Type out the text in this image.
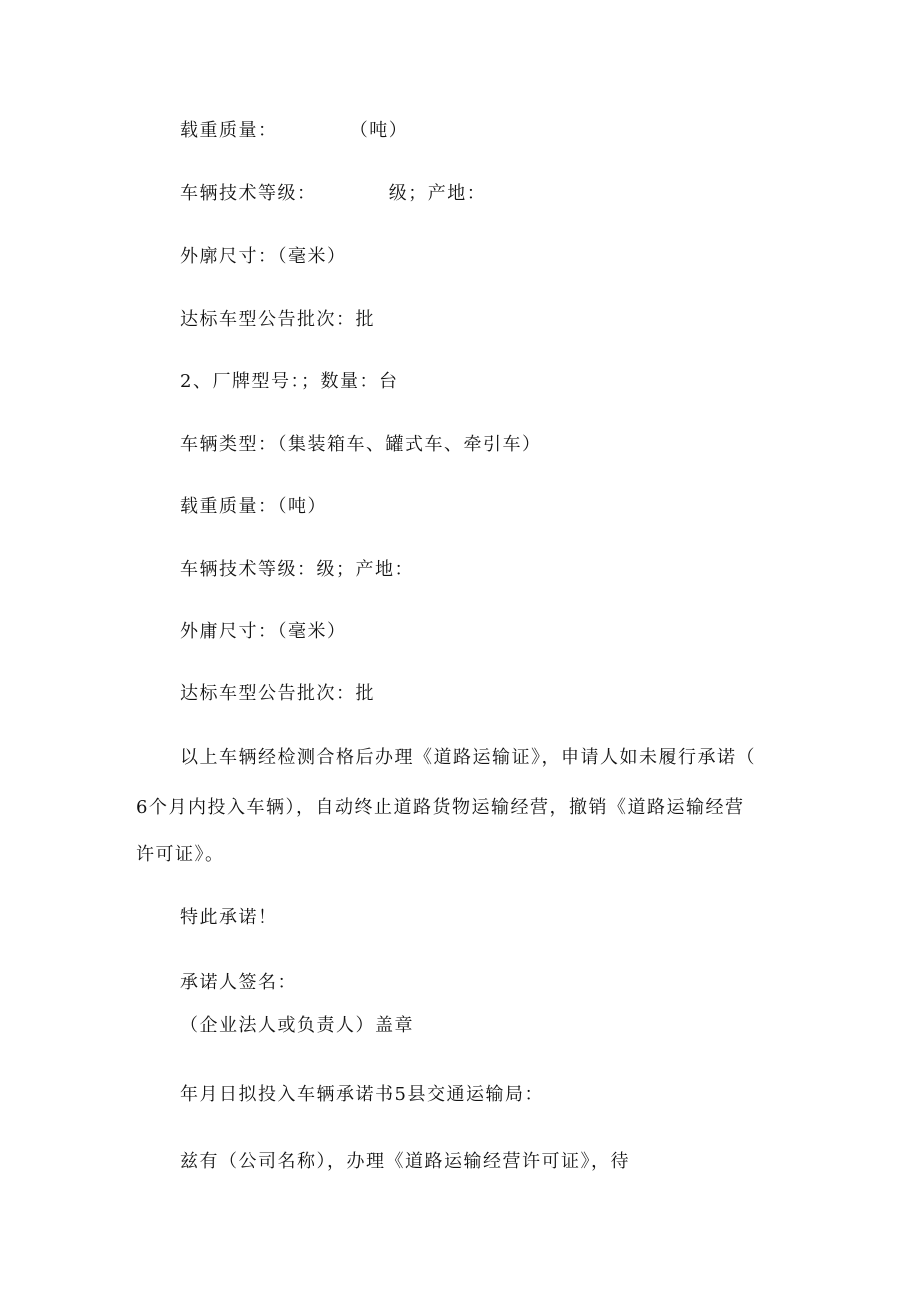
载重质量：          （吨）
车辆技术等级：          级；产地：
外廓尺寸：（毫米）
达标车型公告批次：批
2、厂牌型号：；数量：台
车辆类型：（集装箱车、罐式车、牵引车）
载重质量：（吨）
车辆技术等级：级；产地：
外庸尺寸：（毫米）
达标车型公告批次：批
以上车辆经检测合格后办理《道路运输证》，申请人如未履行承诺（
6个月内投入车辆），自动终止道路货物运输经营，撤销《道路运输经营
许可证》。
特此承诺！
承诺人签名：
（企业法人或负责人）盖章
年月日拟投入车辆承诺书5县交通运输局：
兹有（公司名称），办理《道路运输经营许可证》，待
